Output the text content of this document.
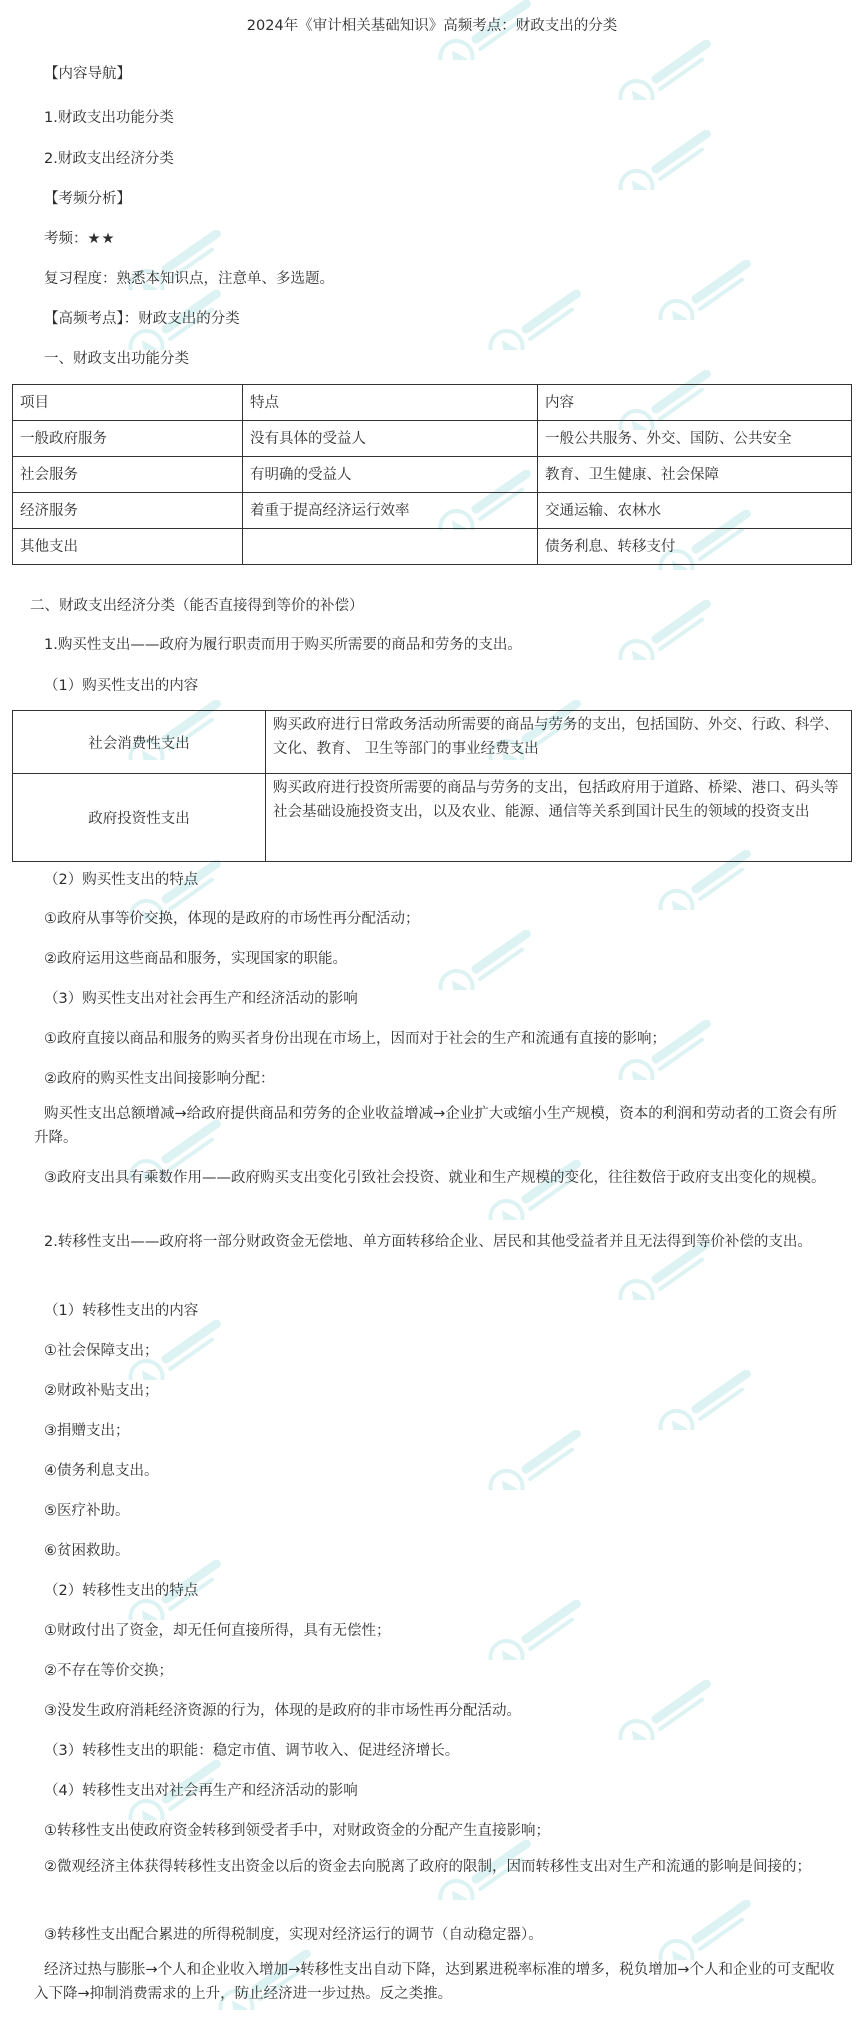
2024年《审计相关基础知识》高频考点：财政支出的分类
【内容导航】
1.财政支出功能分类
2.财政支出经济分类
【考频分析】
考频：★★
复习程度：熟悉本知识点，注意单、多选题。
【高频考点】：财政支出的分类
一、财政支出功能分类
项目	特点	内容
一般政府服务	没有具体的受益人	一般公共服务、外交、国防、公共安全
社会服务	有明确的受益人	教育、卫生健康、社会保障
经济服务	着重于提高经济运行效率	交通运输、农林水
其他支出		债务利息、转移支付
二、财政支出经济分类（能否直接得到等价的补偿）
1.购买性支出——政府为履行职责而用于购买所需要的商品和劳务的支出。
（1）购买性支出的内容
社会消费性支出	购买政府进行日常政务活动所需要的商品与劳务的支出，包括国防、外交、行政、科学、文化、教育、 卫生等部门的事业经费支出
政府投资性支出	购买政府进行投资所需要的商品与劳务的支出，包括政府用于道路、桥梁、港口、码头等社会基础设施投资支出，以及农业、能源、通信等关系到国计民生的领域的投资支出
（2）购买性支出的特点
①政府从事等价交换，体现的是政府的市场性再分配活动；
②政府运用这些商品和服务，实现国家的职能。
（3）购买性支出对社会再生产和经济活动的影响
①政府直接以商品和服务的购买者身份出现在市场上，因而对于社会的生产和流通有直接的影响；
②政府的购买性支出间接影响分配：
购买性支出总额增减→给政府提供商品和劳务的企业收益增减→企业扩大或缩小生产规模，资本的利润和劳动者的工资会有所升降。
③政府支出具有乘数作用——政府购买支出变化引致社会投资、就业和生产规模的变化，往往数倍于政府支出变化的规模。
2.转移性支出——政府将一部分财政资金无偿地、单方面转移给企业、居民和其他受益者并且无法得到等价补偿的支出。
（1）转移性支出的内容
①社会保障支出；
②财政补贴支出；
③捐赠支出；
④债务利息支出。
⑤医疗补助。
⑥贫困救助。
（2）转移性支出的特点
①财政付出了资金，却无任何直接所得，具有无偿性；
②不存在等价交换；
③没发生政府消耗经济资源的行为，体现的是政府的非市场性再分配活动。
（3）转移性支出的职能：稳定市值、调节收入、促进经济增长。
（4）转移性支出对社会再生产和经济活动的影响
①转移性支出使政府资金转移到领受者手中，对财政资金的分配产生直接影响；
②微观经济主体获得转移性支出资金以后的资金去向脱离了政府的限制，因而转移性支出对生产和流通的影响是间接的；
③转移性支出配合累进的所得税制度，实现对经济运行的调节（自动稳定器）。
经济过热与膨胀→个人和企业收入增加→转移性支出自动下降，达到累进税率标准的增多，税负增加→个人和企业的可支配收入下降→抑制消费需求的上升，防止经济进一步过热。反之类推。
